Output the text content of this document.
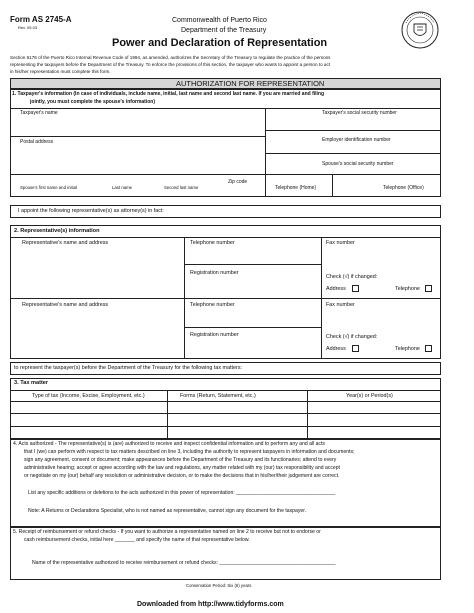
Form AS 2745-A
Rev. 05.03
Commonwealth of Puerto Rico
Department of the Treasury
Power and Declaration of Representation
Section 6176 of the Puerto Rico Internal Revenue Code of 1994, as amended, authorizes the Secretary of the Treasury to regulate the practice of the persons
representing the taxpayers before the Department of the Treasury. To enforce the provisions of this section, the taxpayer who wants to appoint a person to act
in his/her representation must complete this form.
AUTHORIZATION FOR REPRESENTATION
1. Taxpayer's information (In case of individuals, include name, initial, last name and second last name. If you are married and filing
jointly, you must complete the spouse's information)
Taxpayer's name	Taxpayer's social security number
Postal address	Employer identification number
Spouse's social security number
Zip code
Spouse's first name and initial	Last name	Second last name	Telephone (Home)	Telephone (Office)
I appoint the following representative(s) as attorney(s) in fact:
2. Representative(s) information
Representative's name and address	Telephone number	Fax number
Registration number
Check (√) if changed:
Address	Telephone
Representative's name and address	Telephone number	Fax number
Registration number	Check (√) if changed:
Address	Telephone
to represent the taxpayer(s) before the Department of the Treasury for the following tax matters:
3. Tax matter
Type of tax (Income, Excise, Employment, etc.)	Forms (Return, Statement, etc.)	Year(s) or Period(s)
4. Acts authorized - The representative(s) is (are) authorized to receive and inspect confidential information and to perform any and all acts
that I (we) can perform with respect to tax matters described on line 3, including the authority to represent taxpayers in information and documents;
sign any agreement, consent or document; make appearances before the Department of the Treasury and its functionaries; attend to every
administrative hearing; accept or agree according with the law and regulations, any matter related with my (our) tax responsibility and accept
or negotiate on my (our) behalf any resolution or administrative decision, or to make the decisions that in his/her/their judgement are correct.
List any specific additions or deletions to the acts authorized in this power of representation: ___________________________________
Note: A Returns or Declarations Specialist, who is not named as representative, cannot sign any document for the taxpayer.
5. Receipt of reimbursement or refund checks - If you want to authorize a representative named on line 2 to receive but not to endorse or
cash reimbursement checks, initial here _______ and specify the name of that representative below.
Name of the representative authorized to receive reimbursement or refund checks: _________________________________________
Conservation Period: Six (6) years
Downloaded from http://www.tidyforms.com
